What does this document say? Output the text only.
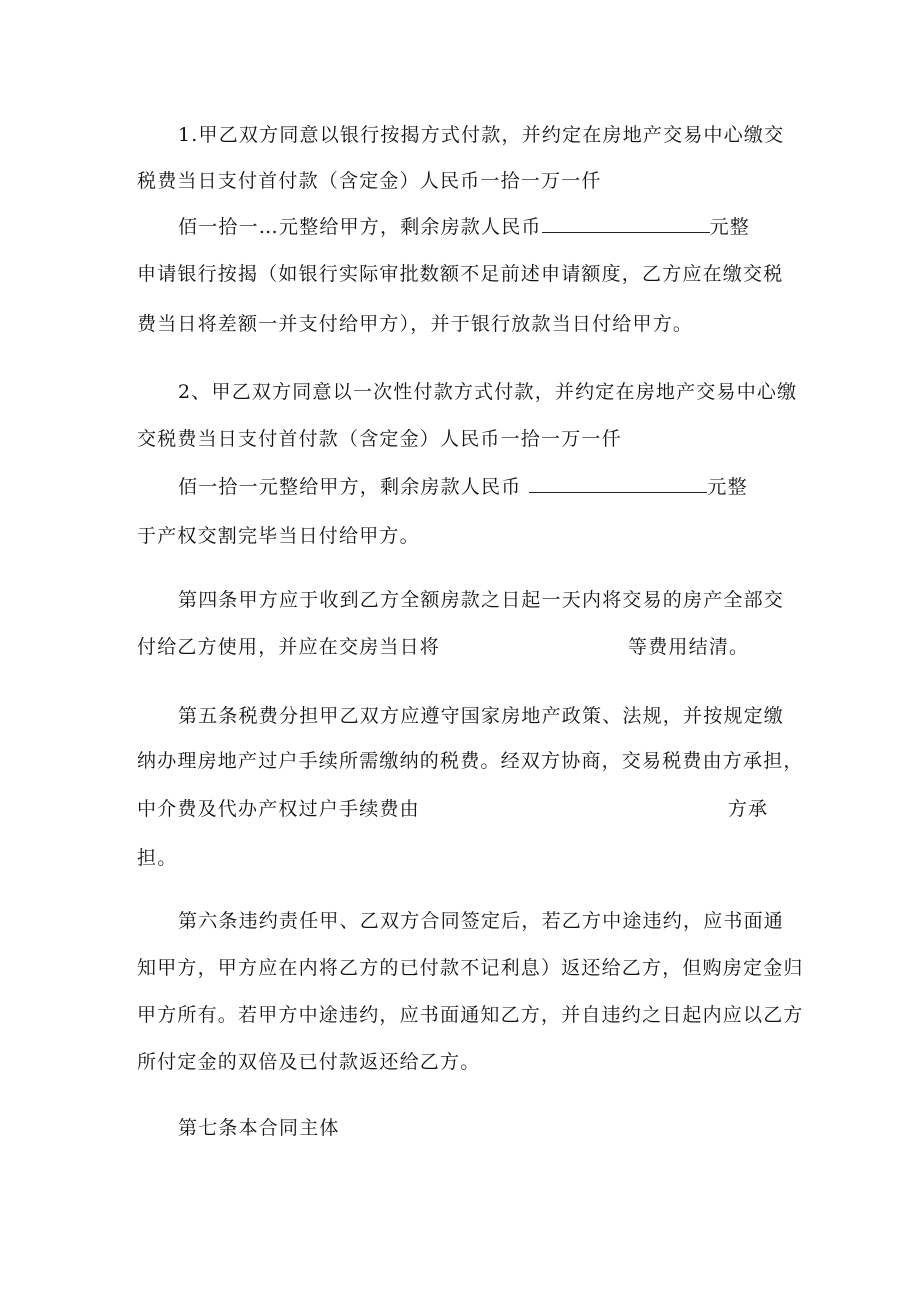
1.甲乙双方同意以银行按揭方式付款，并约定在房地产交易中心缴交
税费当日支付首付款（含定金）人民币一拾一万一仟
佰一拾一…元整给甲方，剩余房款人民币	元整
申请银行按揭（如银行实际审批数额不足前述申请额度，乙方应在缴交税
费当日将差额一并支付给甲方），并于银行放款当日付给甲方。
2、甲乙双方同意以一次性付款方式付款，并约定在房地产交易中心缴
交税费当日支付首付款（含定金）人民币一拾一万一仟
佰一拾一元整给甲方，剩余房款人民币	元整
于产权交割完毕当日付给甲方。
第四条甲方应于收到乙方全额房款之日起一天内将交易的房产全部交
付给乙方使用，并应在交房当日将	等费用结清。
第五条税费分担甲乙双方应遵守国家房地产政策、法规，并按规定缴
纳办理房地产过户手续所需缴纳的税费。经双方协商，交易税费由方承担，
中介费及代办产权过户手续费由	方承
担。
第六条违约责任甲、乙双方合同签定后，若乙方中途违约，应书面通
知甲方，甲方应在内将乙方的已付款不记利息）返还给乙方，但购房定金归
甲方所有。若甲方中途违约，应书面通知乙方，并自违约之日起内应以乙方
所付定金的双倍及已付款返还给乙方。
第七条本合同主体
